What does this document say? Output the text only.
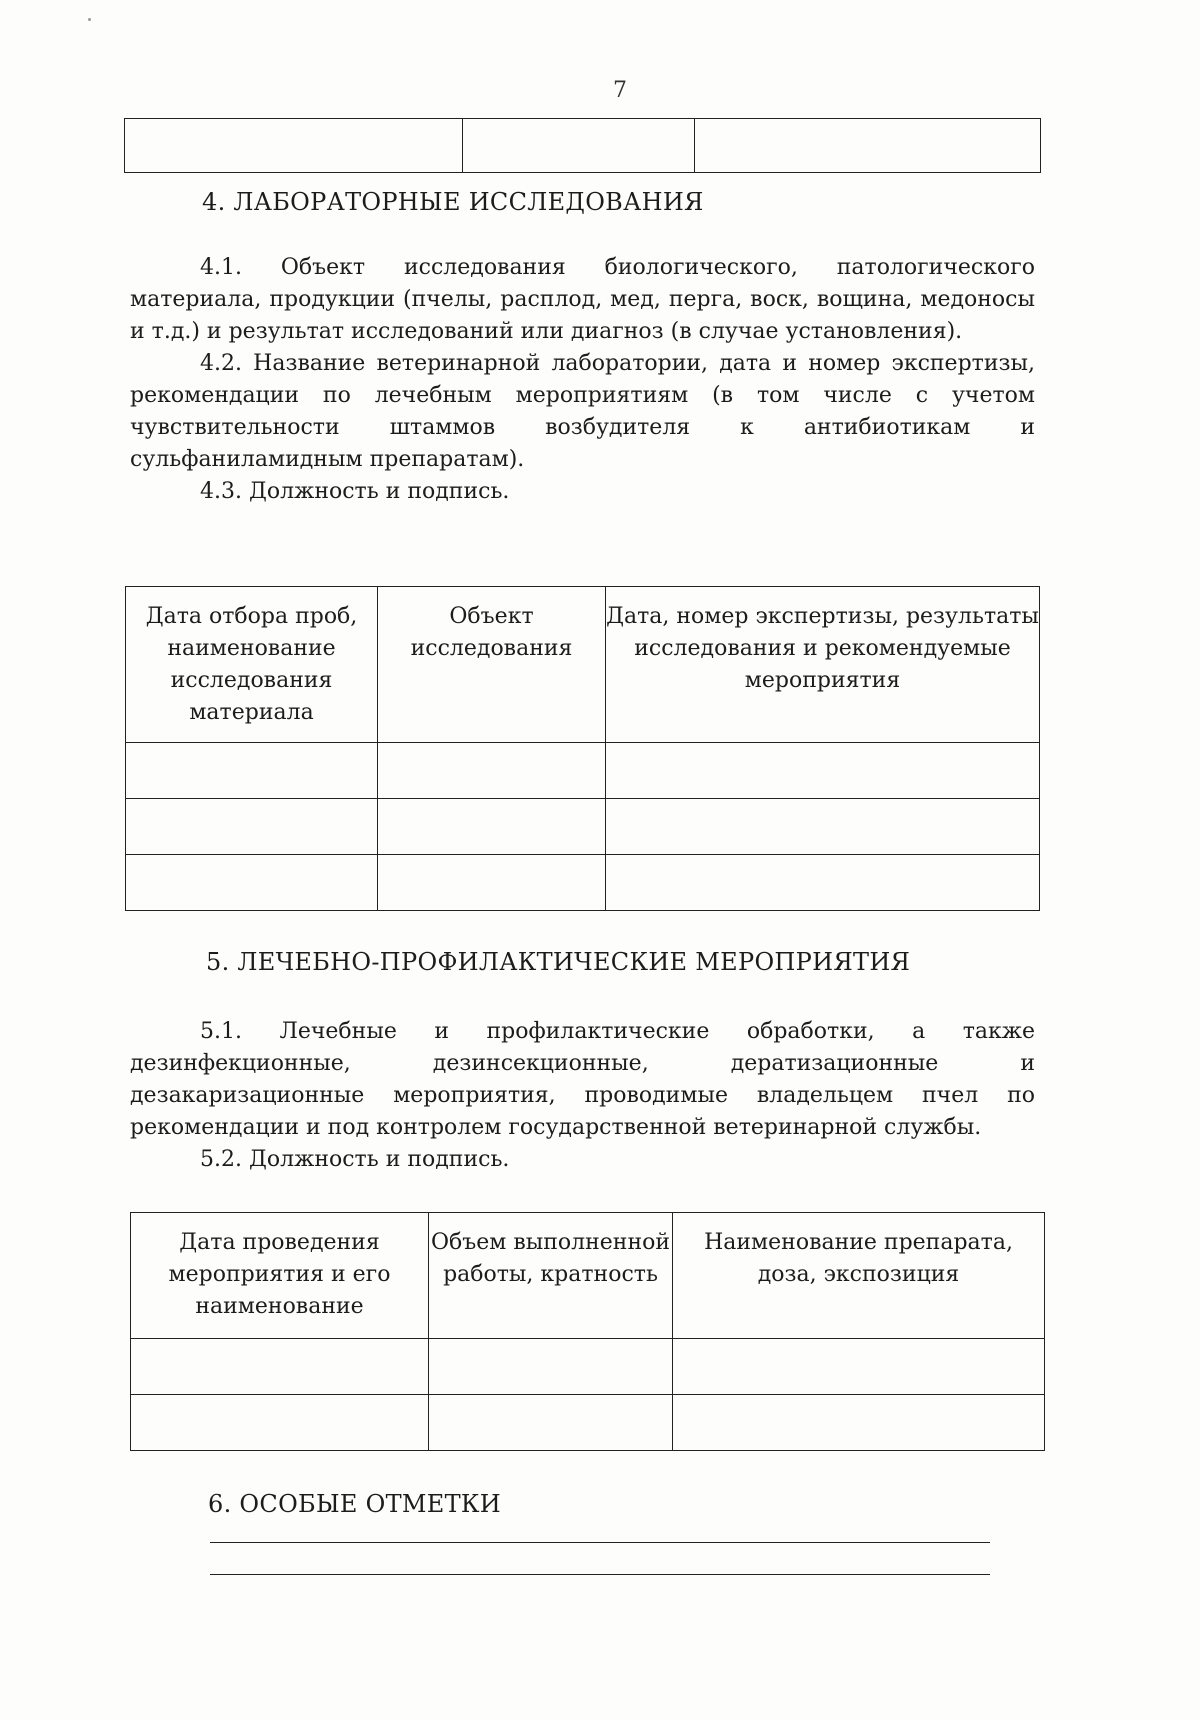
7

4. ЛАБОРАТОРНЫЕ ИССЛЕДОВАНИЯ

4.1. Объект исследования биологического, патологического материала, продукции (пчелы, расплод, мед, перга, воск, вощина, медоносы и т.д.) и результат исследований или диагноз (в случае установления).

4.2. Название ветеринарной лаборатории, дата и номер экспертизы, рекомендации по лечебным мероприятиям (в том числе с учетом чувствительности штаммов возбудителя к антибиотикам и сульфаниламидным препаратам).

4.3. Должность и подпись.

Дата отбора проб, наименование исследования материала	Объект исследования	Дата, номер экспертизы, результаты исследования и рекомендуемые мероприятия

5. ЛЕЧЕБНО-ПРОФИЛАКТИЧЕСКИЕ МЕРОПРИЯТИЯ

5.1. Лечебные и профилактические обработки, а также дезинфекционные, дезинсекционные, дератизационные и дезакаризационные мероприятия, проводимые владельцем пчел по рекомендации и под контролем государственной ветеринарной службы.

5.2. Должность и подпись.

Дата проведения мероприятия и его наименование	Объем выполненной работы, кратность	Наименование препарата, доза, экспозиция

6. ОСОБЫЕ ОТМЕТКИ
